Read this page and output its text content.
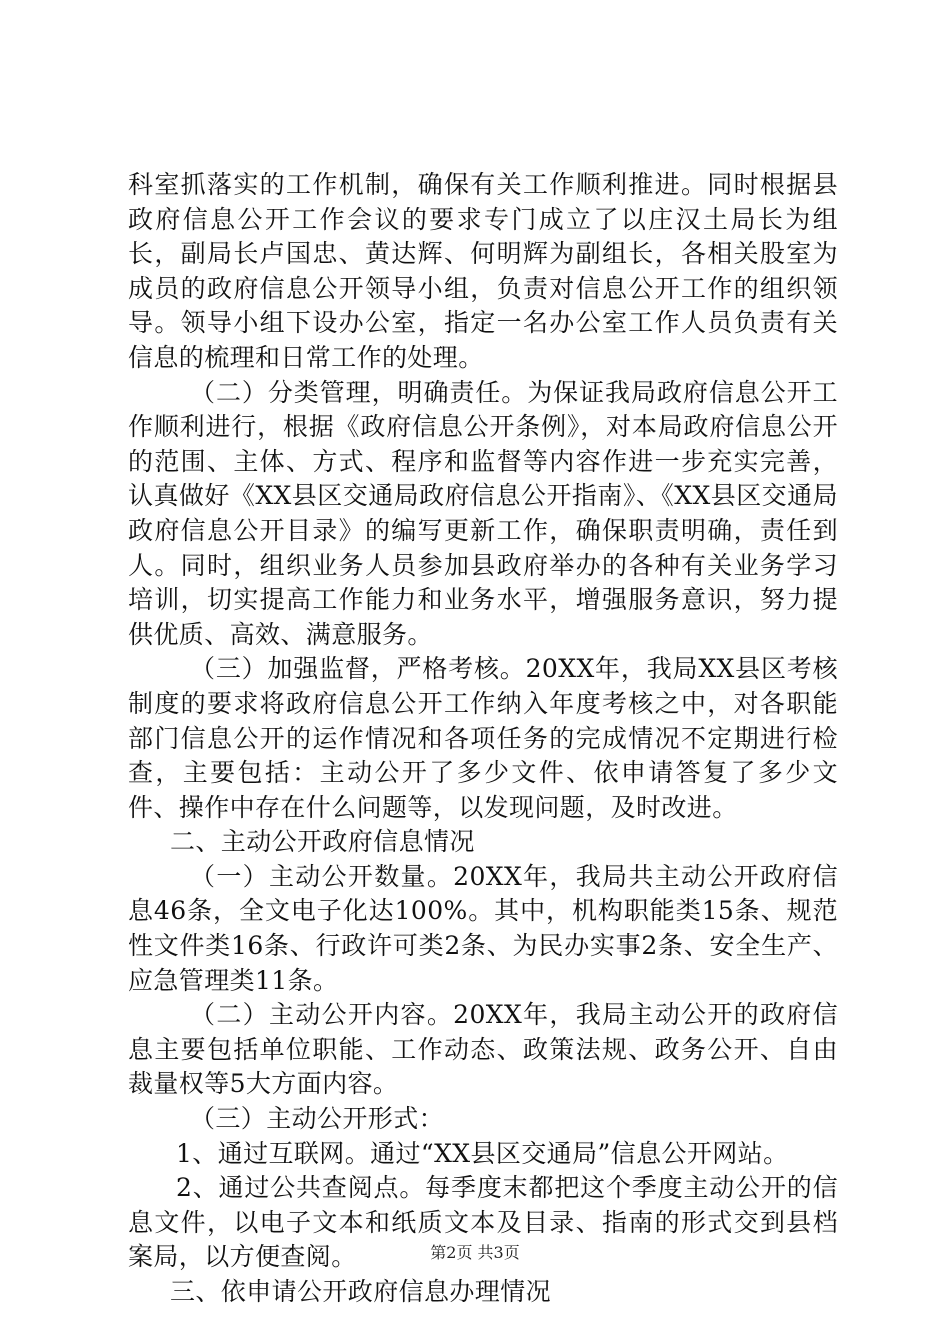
科室抓落实的工作机制，确保有关工作顺利推进。同时根据县政府信息公开工作会议的要求专门成立了以庄汉土局长为组长，副局长卢国忠、黄达辉、何明辉为副组长，各相关股室为成员的政府信息公开领导小组，负责对信息公开工作的组织领导。领导小组下设办公室，指定一名办公室工作人员负责有关信息的梳理和日常工作的处理。

（二）分类管理，明确责任。为保证我局政府信息公开工作顺利进行，根据《政府信息公开条例》，对本局政府信息公开的范围、主体、方式、程序和监督等内容作进一步充实完善，认真做好《XX县区交通局政府信息公开指南》、《XX县区交通局政府信息公开目录》的编写更新工作，确保职责明确，责任到人。同时，组织业务人员参加县政府举办的各种有关业务学习培训，切实提高工作能力和业务水平，增强服务意识，努力提供优质、高效、满意服务。

（三）加强监督，严格考核。20XX年，我局XX县区考核制度的要求将政府信息公开工作纳入年度考核之中，对各职能部门信息公开的运作情况和各项任务的完成情况不定期进行检查，主要包括：主动公开了多少文件、依申请答复了多少文件、操作中存在什么问题等，以发现问题，及时改进。

二、主动公开政府信息情况

（一）主动公开数量。20XX年，我局共主动公开政府信息46条，全文电子化达100%。其中，机构职能类15条、规范性文件类16条、行政许可类2条、为民办实事2条、安全生产、应急管理类11条。

（二）主动公开内容。20XX年，我局主动公开的政府信息主要包括单位职能、工作动态、政策法规、政务公开、自由裁量权等5大方面内容。

（三）主动公开形式：

1、通过互联网。通过“XX县区交通局”信息公开网站。

2、通过公共查阅点。每季度末都把这个季度主动公开的信息文件，以电子文本和纸质文本及目录、指南的形式交到县档案局，以方便查阅。

三、依申请公开政府信息办理情况

第2页 共3页
